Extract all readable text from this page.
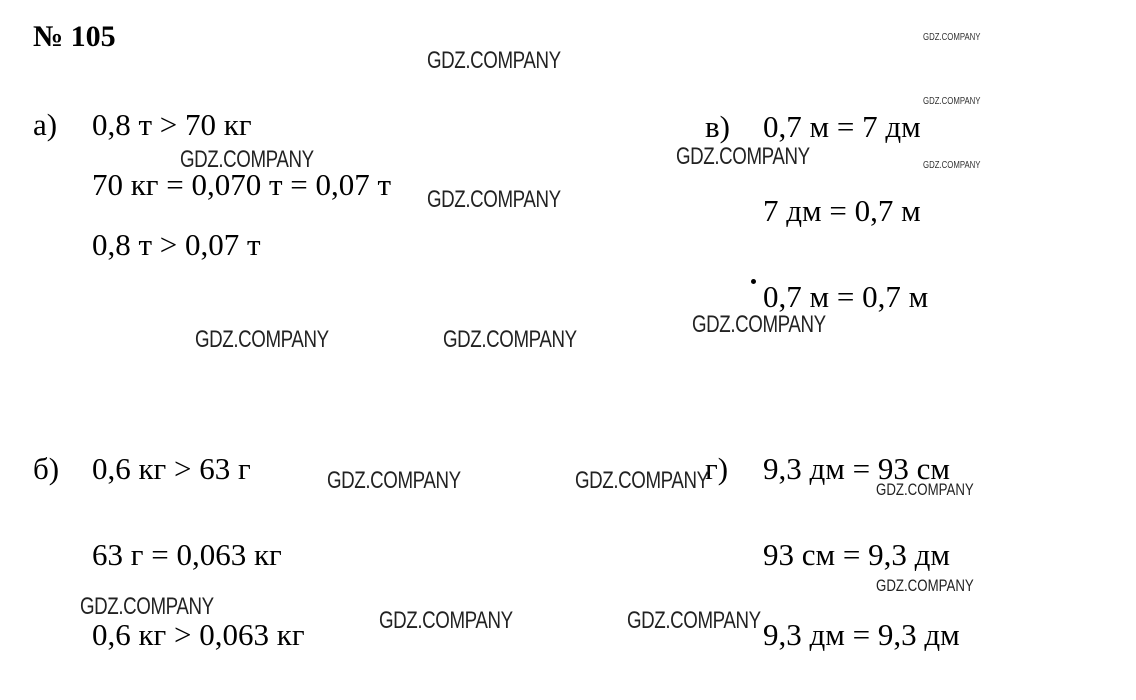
№ 105
а) 0,8 т > 70 кг
70 кг = 0,070 т = 0,07 т
0,8 т > 0,07 т
в) 0,7 м = 7 дм
7 дм = 0,7 м
0,7 м = 0,7 м
б) 0,6 кг > 63 г
63 г = 0,063 кг
0,6 кг > 0,063 кг
г) 9,3 дм = 93 см
93 см = 9,3 дм
9,3 дм = 9,3 дм
GDZ.COMPANY
GDZ.COMPANY
GDZ.COMPANY
GDZ.COMPANY
GDZ.COMPANY	GDZ.COMPANY
GDZ.COMPANY
GDZ.COMPANY	GDZ.COMPANY
GDZ.COMPANY
GDZ.COMPANY	GDZ.COMPANY
GDZ.COMPANY
GDZ.COMPANY
GDZ.COMPANY
GDZ.COMPANY
GDZ.COMPANY
